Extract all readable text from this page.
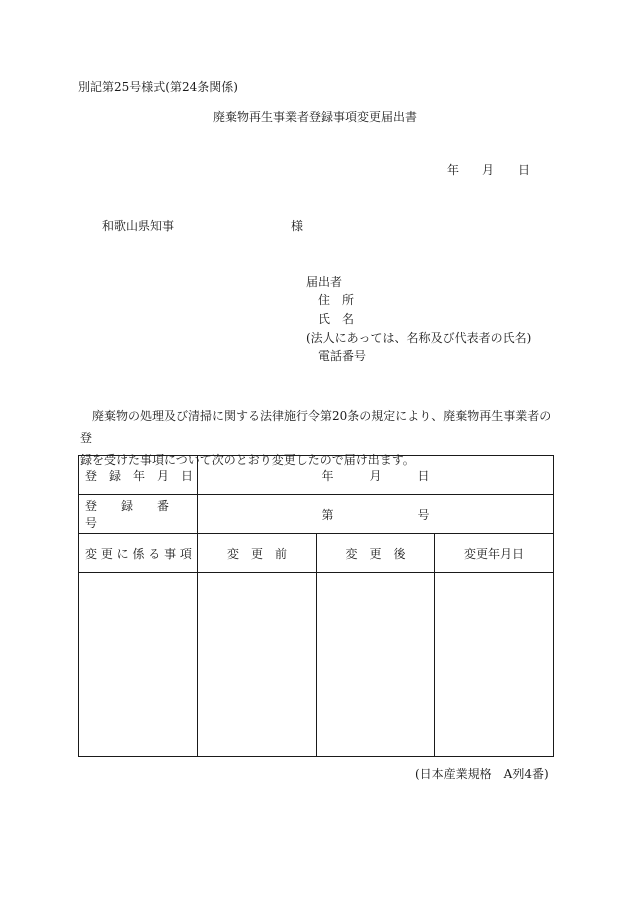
別記第25号様式(第24条関係)
廃棄物再生事業者登録事項変更届出書
年 月 日
和歌山県知事	様
届出者
住　所
氏　名
(法人にあっては、名称及び代表者の氏名)
電話番号

廃棄物の処理及び清掃に関する法律施行令第20条の規定により、廃棄物再生事業者の登

録を受けた事項について次のとおり変更したので届け出ます。

登　録　年　月　日	年　　　月　　　日		
登　　録　　番　　号	第　　　　　　　号		
変 更 に 係 る 事 項	変　更　前	変　更　後	変更年月日

(日本産業規格　A列4番)
